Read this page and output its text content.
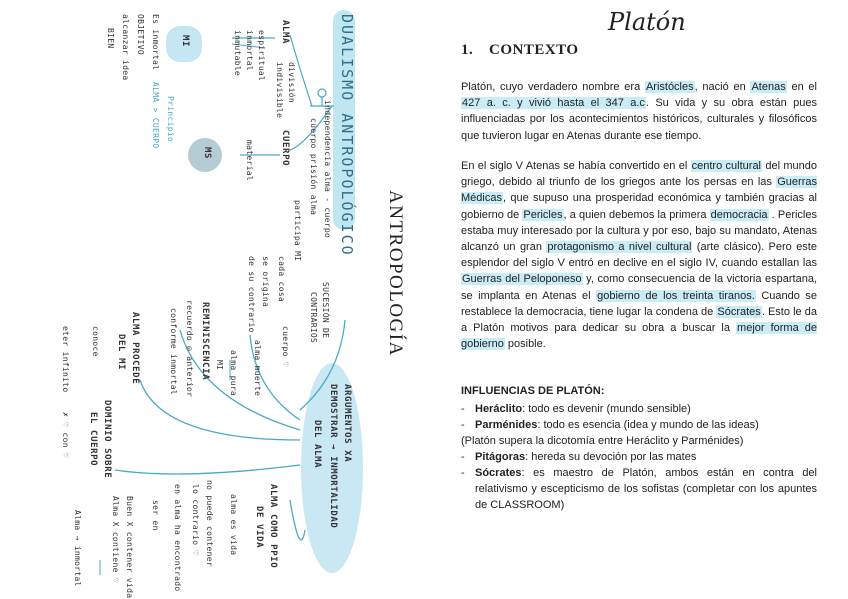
DUALISMO ANTROPOLÓGICO
ANTROPOLOGÍA
MI
MS
ALMA
espiritual
inmortal
inmutable
división
indivisible
Es inmortal
OBJETIVO
alcanzar idea
BIEN
CUERPO
material	independencia alma - cuerpo
cuerpo prisión alma
participa MI
Principio
ALMA > CUERPO
ARGUMENTOS XA
DEMOSTRAR → INMORTALIDAD
DEL ALMA
SUCESIÓN DE
CONTRARIOS
cada cosa
se origina
de su contrario
cuerpo ♡
alma muerte
alma pura
MI
REMINISCENCIA
recuerdo ◎ anterior
conforme inmortal
ALMA PROCEDE
DEL MI
conoce
eter infinito
DOMINIO SOBRE
EL CUERPO
✗ ♡ con ♡
ALMA COMO PPIO
DE VIDA
alma es vida
no puede contener
lo contrario ♡
en alma ha encontrado
ser en
Buen X contener vida
Alma X contiene ♡
Alma → inmortal
Platón
1. CONTEXTO
Platón, cuyo verdadero nombre era Aristócles, nació en Atenas en el 427 a. c. y vivió hasta el 347 a.c. Su vida y su obra están pues influenciadas por los acontecimientos históricos, culturales y filosóficos que tuvieron lugar en Atenas durante ese tiempo.
En el siglo V Atenas se había convertido en el centro cultural del mundo griego, debido al triunfo de los griegos ante los persas en las Guerras Médicas, que supuso una prosperidad económica y también gracias al gobierno de Pericles, a quien debemos la primera democracia . Pericles estaba muy interesado por la cultura y por eso, bajo su mandato, Atenas alcanzó un gran protagonismo a nivel cultural (arte clásico). Pero este esplendor del siglo V entró en declive en el siglo IV, cuando estallan las Guerras del Peloponeso y, como consecuencia de la victoria espartana, se implanta en Atenas el gobierno de los treinta tiranos. Cuando se restablece la democracia, tiene lugar la condena de Sócrates. Esto le da a Platón motivos para dedicar su obra a buscar la mejor forma de gobierno posible.
INFLUENCIAS DE PLATÓN:
- Heráclito: todo es devenir (mundo sensible)
- Parménides: todo es esencia (idea y mundo de las ideas)
(Platón supera la dicotomía entre Heráclito y Parménides)
- Pitágoras: hereda su devoción por las mates
- Sócrates: es maestro de Platón, ambos están en contra del relativismo y escepticismo de los sofistas (completar con los apuntes de CLASSROOM)
